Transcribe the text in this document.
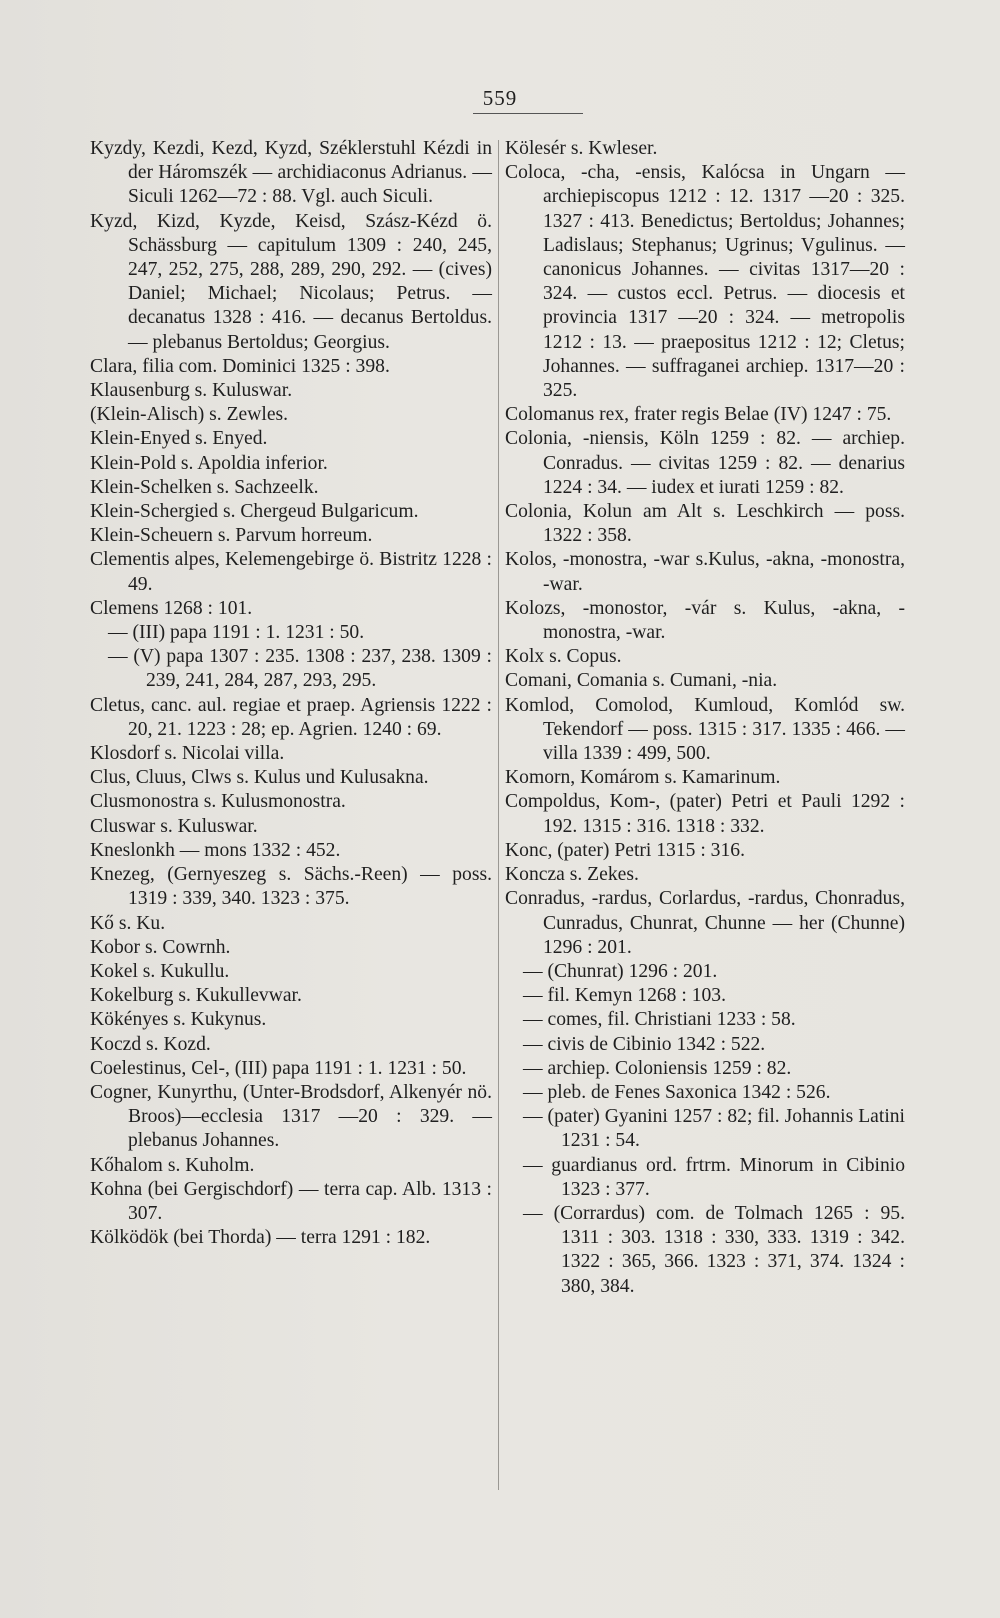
559

Kyzdy, Kezdi, Kezd, Kyzd, Széklerstuhl Kézdi in der Háromszék — archidiaconus Adrianus. — Siculi 1262—72 : 88. Vgl. auch Siculi.

Kyzd, Kizd, Kyzde, Keisd, Szász-Kézd ö. Schässburg — capitulum 1309 : 240, 245, 247, 252, 275, 288, 289, 290, 292. — (cives) Daniel; Michael; Nicolaus; Petrus. — decanatus 1328 : 416. — decanus Bertoldus. — plebanus Bertoldus; Georgius.

Clara, filia com. Dominici 1325 : 398.

Klausenburg s. Kuluswar.

(Klein-Alisch) s. Zewles.

Klein-Enyed s. Enyed.

Klein-Pold s. Apoldia inferior.

Klein-Schelken s. Sachzeelk.

Klein-Schergied s. Chergeud Bulgaricum.

Klein-Scheuern s. Parvum horreum.

Clementis alpes, Kelemengebirge ö. Bistritz 1228 : 49.

Clemens 1268 : 101.

— (III) papa 1191 : 1. 1231 : 50.

— (V) papa 1307 : 235. 1308 : 237, 238. 1309 : 239, 241, 284, 287, 293, 295.

Cletus, canc. aul. regiae et praep. Agriensis 1222 : 20, 21. 1223 : 28; ep. Agrien. 1240 : 69.

Klosdorf s. Nicolai villa.

Clus, Cluus, Clws s. Kulus und Kulusakna.

Clusmonostra s. Kulusmonostra.

Cluswar s. Kuluswar.

Kneslonkh — mons 1332 : 452.

Knezeg, (Gernyeszeg s. Sächs.-Reen) — poss. 1319 : 339, 340. 1323 : 375.

Kő s. Ku.

Kobor s. Cowrnh.

Kokel s. Kukullu.

Kokelburg s. Kukullevwar.

Kökényes s. Kukynus.

Koczd s. Kozd.

Coelestinus, Cel-, (III) papa 1191 : 1. 1231 : 50.

Cogner, Kunyrthu, (Unter-Brodsdorf, Alkenyér nö. Broos)—ecclesia 1317 —20 : 329. — plebanus Johannes.

Kőhalom s. Kuholm.

Kohna (bei Gergischdorf) — terra cap. Alb. 1313 : 307.

Kölködök (bei Thorda) — terra 1291 : 182.

Kölesér s. Kwleser.

Coloca, -cha, -ensis, Kalócsa in Ungarn — archiepiscopus 1212 : 12. 1317 —20 : 325. 1327 : 413. Benedictus; Bertoldus; Johannes; Ladislaus; Stephanus; Ugrinus; Vgulinus. — canonicus Johannes. — civitas 1317—20 : 324. — custos eccl. Petrus. — diocesis et provincia 1317 —20 : 324. — metropolis 1212 : 13. — praepositus 1212 : 12; Cletus; Johannes. — suffraganei archiep. 1317—20 : 325.

Colomanus rex, frater regis Belae (IV) 1247 : 75.

Colonia, -niensis, Köln 1259 : 82. — archiep. Conradus. — civitas 1259 : 82. — denarius 1224 : 34. — iudex et iurati 1259 : 82.

Colonia, Kolun am Alt s. Leschkirch — poss. 1322 : 358.

Kolos, -monostra, -war s.Kulus, -akna, -monostra, -war.

Kolozs, -monostor, -vár s. Kulus, -akna, -monostra, -war.

Kolx s. Copus.

Comani, Comania s. Cumani, -nia.

Komlod, Comolod, Kumloud, Komlód sw. Tekendorf — poss. 1315 : 317. 1335 : 466. — villa 1339 : 499, 500.

Komorn, Komárom s. Kamarinum.

Compoldus, Kom-, (pater) Petri et Pauli 1292 : 192. 1315 : 316. 1318 : 332.

Konc, (pater) Petri 1315 : 316.

Koncza s. Zekes.

Conradus, -rardus, Corlardus, -rardus, Chonradus, Cunradus, Chunrat, Chunne — her (Chunne) 1296 : 201.

— (Chunrat) 1296 : 201.

— fil. Kemyn 1268 : 103.

— comes, fil. Christiani 1233 : 58.

— civis de Cibinio 1342 : 522.

— archiep. Coloniensis 1259 : 82.

— pleb. de Fenes Saxonica 1342 : 526.

— (pater) Gyanini 1257 : 82; fil. Johannis Latini 1231 : 54.

— guardianus ord. frtrm. Minorum in Cibinio 1323 : 377.

— (Corrardus) com. de Tolmach 1265 : 95. 1311 : 303. 1318 : 330, 333. 1319 : 342. 1322 : 365, 366. 1323 : 371, 374. 1324 : 380, 384.
